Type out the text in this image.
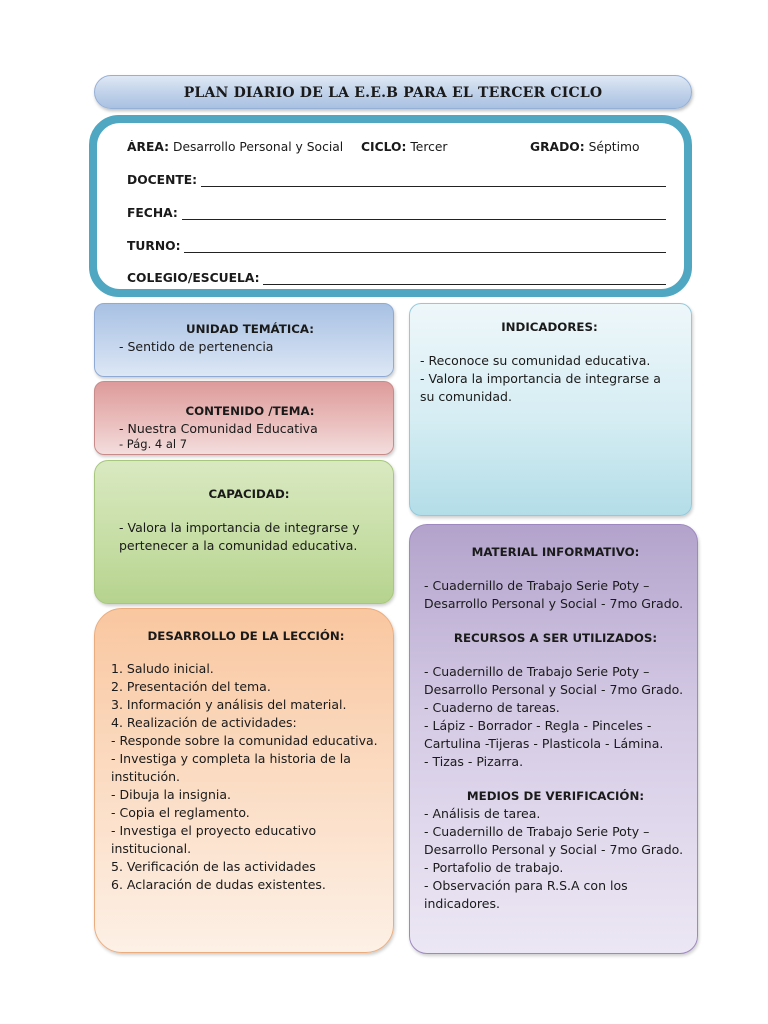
PLAN DIARIO DE LA E.E.B PARA EL TERCER CICLO
ÁREA: Desarrollo Personal y Social	CICLO: Tercer	GRADO: Séptimo
DOCENTE:
FECHA:
TURNO:
COLEGIO/ESCUELA:
UNIDAD TEMÁTICA:
- Sentido de pertenencia
CONTENIDO /TEMA:
- Nuestra Comunidad Educativa
- Pág. 4 al 7
CAPACIDAD:
- Valora la importancia de integrarse y pertenecer a la comunidad educativa.
DESARROLLO DE LA LECCIÓN:
1. Saludo inicial.
2. Presentación del tema.
3. Información y análisis del material.
4. Realización de actividades:
- Responde sobre la comunidad educativa.
- Investiga y completa la historia de la institución.
- Dibuja la insignia.
- Copia el reglamento.
- Investiga el proyecto educativo institucional.
5. Verificación de las actividades
6. Aclaración de dudas existentes.
INDICADORES:
- Reconoce su comunidad educativa.
- Valora la importancia de integrarse a su comunidad.
MATERIAL INFORMATIVO:
- Cuadernillo de Trabajo Serie Poty – Desarrollo Personal y Social - 7mo Grado.
RECURSOS A SER UTILIZADOS:
- Cuadernillo de Trabajo Serie Poty – Desarrollo Personal y Social - 7mo Grado.
- Cuaderno de tareas.
- Lápiz - Borrador - Regla - Pinceles - Cartulina -Tijeras - Plasticola - Lámina.
- Tizas - Pizarra.
MEDIOS DE VERIFICACIÓN:
- Análisis de tarea.
- Cuadernillo de Trabajo Serie Poty – Desarrollo Personal y Social - 7mo Grado.
- Portafolio de trabajo.
- Observación para R.S.A con los indicadores.
